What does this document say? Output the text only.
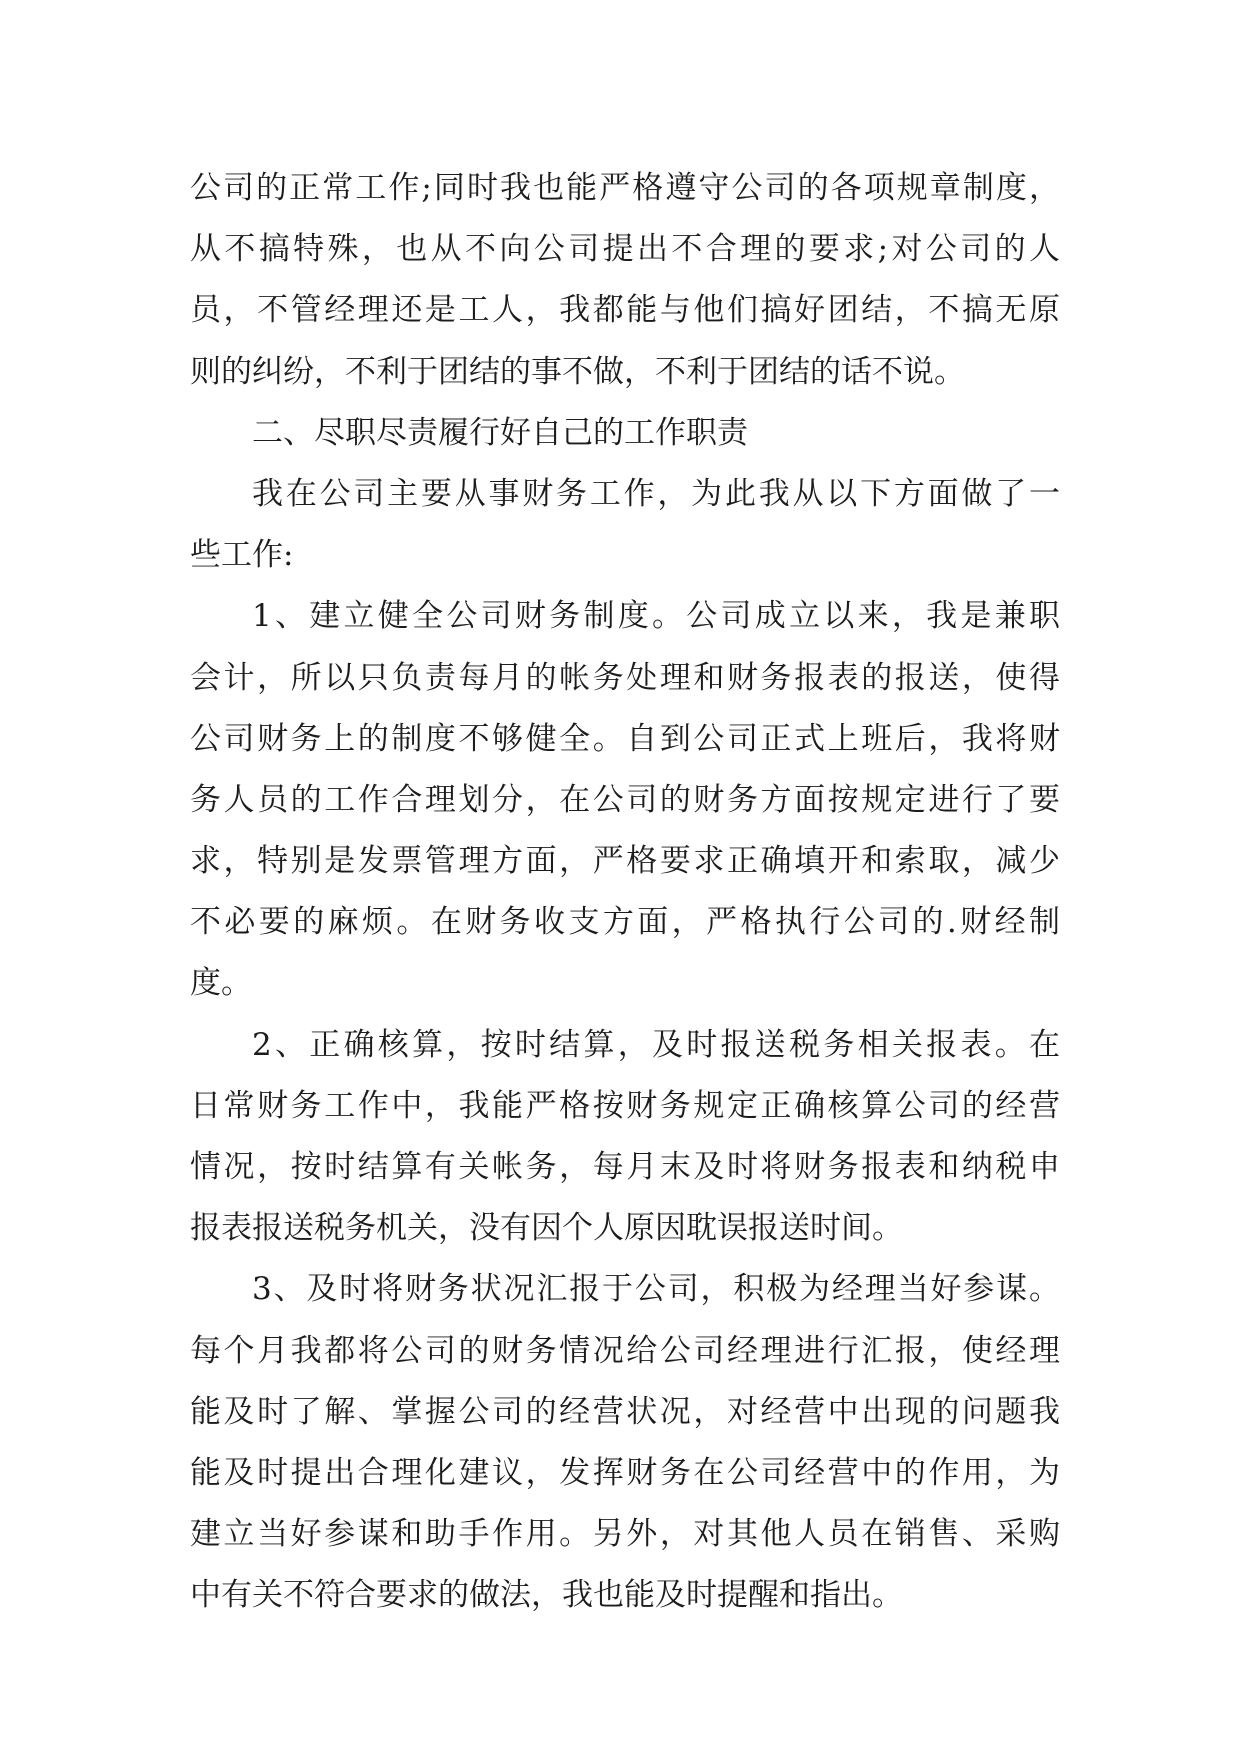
公司的正常工作;同时我也能严格遵守公司的各项规章制度，
从不搞特殊，也从不向公司提出不合理的要求;对公司的人
员，不管经理还是工人，我都能与他们搞好团结，不搞无原
则的纠纷，不利于团结的事不做，不利于团结的话不说。
二、尽职尽责履行好自己的工作职责
我在公司主要从事财务工作，为此我从以下方面做了一
些工作:
1、建立健全公司财务制度。公司成立以来，我是兼职
会计，所以只负责每月的帐务处理和财务报表的报送，使得
公司财务上的制度不够健全。自到公司正式上班后，我将财
务人员的工作合理划分，在公司的财务方面按规定进行了要
求，特别是发票管理方面，严格要求正确填开和索取，减少
不必要的麻烦。在财务收支方面，严格执行公司的.财经制
度。
2、正确核算，按时结算，及时报送税务相关报表。在
日常财务工作中，我能严格按财务规定正确核算公司的经营
情况，按时结算有关帐务，每月末及时将财务报表和纳税申
报表报送税务机关，没有因个人原因耽误报送时间。
3、及时将财务状况汇报于公司，积极为经理当好参谋。
每个月我都将公司的财务情况给公司经理进行汇报，使经理
能及时了解、掌握公司的经营状况，对经营中出现的问题我
能及时提出合理化建议，发挥财务在公司经营中的作用，为
建立当好参谋和助手作用。另外，对其他人员在销售、采购
中有关不符合要求的做法，我也能及时提醒和指出。
